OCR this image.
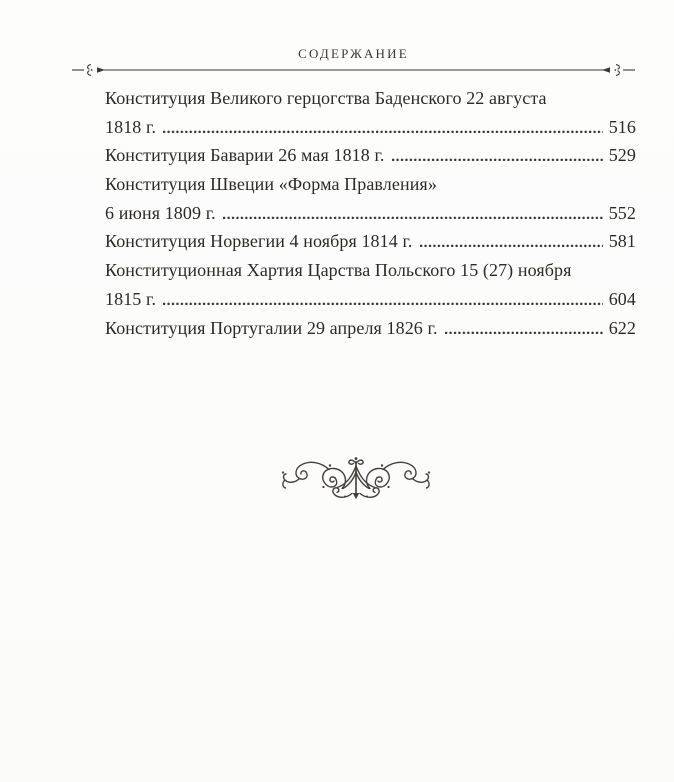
СОДЕРЖАНИЕ
Конституция Великого герцогства Баденского 22 августа
1818 г.	516
Конституция Баварии 26 мая 1818 г.	529
Конституция Швеции «Форма Правления»
6 июня 1809 г.	552
Конституция Норвегии 4 ноября 1814 г.	581
Конституционная Хартия Царства Польского 15 (27) ноября
1815 г.	604
Конституция Португалии 29 апреля 1826 г.	622
